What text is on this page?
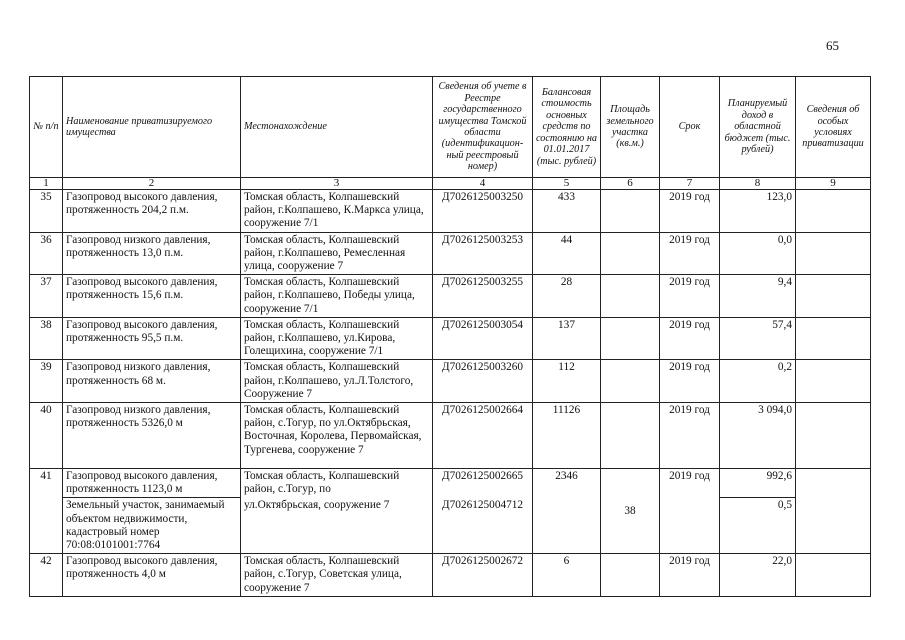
65
№ п/п	Наименование приватизируемого имущества	Местонахождение	Сведения об учете в Реестре государственного имущества Томской области (идентификацион-ный реестровый номер)	Балансовая стоимость основных средств по состоянию на 01.01.2017 (тыс. рублей)	Площадь земельного участка (кв.м.)	Срок	Планируемый доход в областной бюджет (тыс. рублей)	Сведения об особых условиях приватизации
1	2	3	4	5	6	7	8	9
35	Газопровод высокого давления, протяженность 204,2 п.м.	Томская область, Колпашевский район, г.Колпашево, К.Маркса улица, сооружение 7/1	Д7026125003250	433		2019 год	123,0	
36	Газопровод низкого давления, протяженность 13,0 п.м.	Томская область, Колпашевский район, г.Колпашево, Ремесленная улица, сооружение 7	Д7026125003253	44		2019 год	0,0	
37	Газопровод высокого давления, протяженность 15,6 п.м.	Томская область, Колпашевский район, г.Колпашево, Победы улица, сооружение 7/1	Д7026125003255	28		2019 год	9,4	
38	Газопровод высокого давления, протяженность 95,5 п.м.	Томская область, Колпашевский район, г.Колпашево, ул.Кирова, Голещихина, сооружение 7/1	Д7026125003054	137		2019 год	57,4	
39	Газопровод низкого давления, протяженность 68 м.	Томская область, Колпашевский район, г.Колпашево, ул.Л.Толстого, Сооружение 7	Д7026125003260	112		2019 год	0,2	
40	Газопровод низкого давления, протяженность 5326,0 м	Томская область, Колпашевский район, с.Тогур, по ул.Октябрьская, Восточная, Королева, Первомайская, Тургенева, сооружение 7	Д7026125002664	11126		2019 год	3 094,0	
41	Газопровод высокого давления, протяженность 1123,0 м	Томская область, Колпашевский район, с.Тогур, по	Д7026125002665	2346	38	2019 год	992,6	
	Земельный участок, занимаемый объектом недвижимости, кадастровый номер 70:08:0101001:7764	ул.Октябрьская, сооружение 7	Д7026125004712				0,5	
42	Газопровод высокого давления, протяженность 4,0 м	Томская область, Колпашевский район, с.Тогур, Советская улица, сооружение 7	Д7026125002672	6		2019 год	22,0	
